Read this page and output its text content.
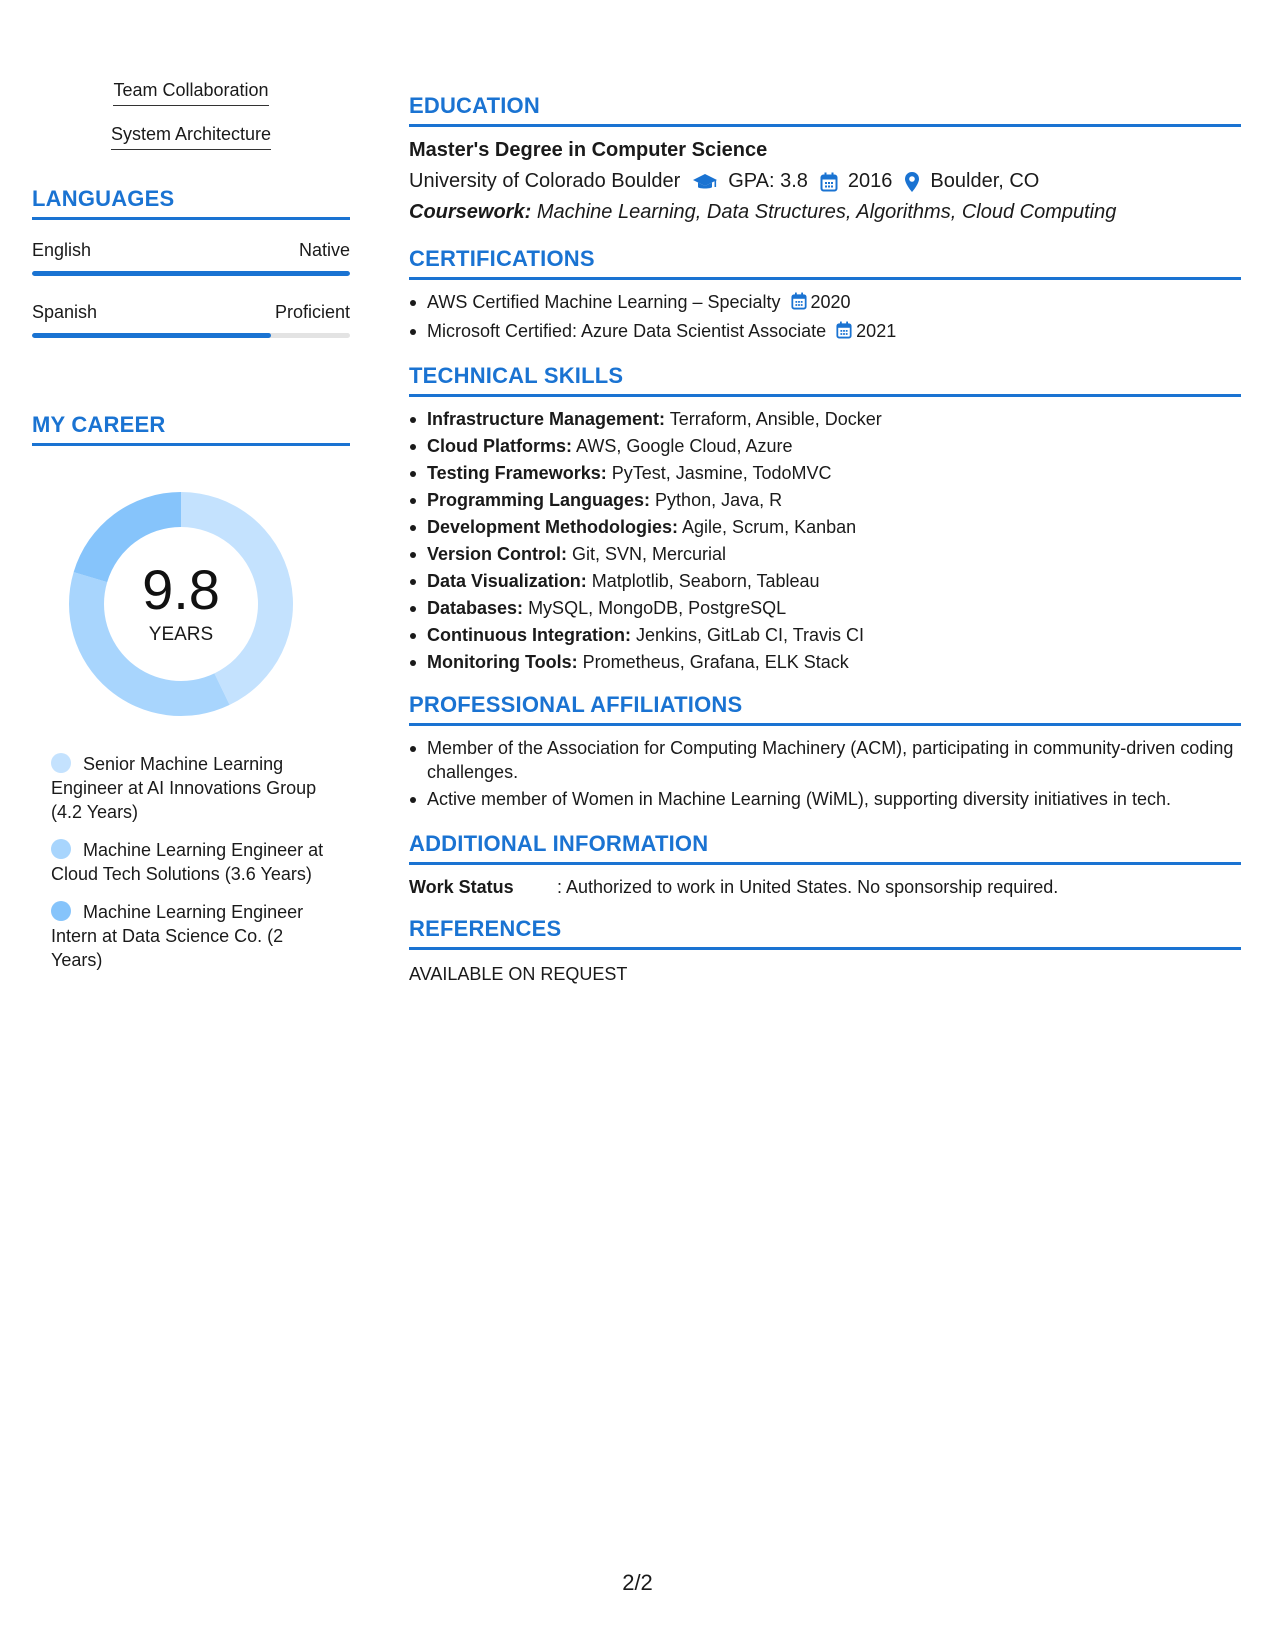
Team Collaboration
System Architecture
LANGUAGES
English	Native
Spanish	Proficient
MY CAREER
9.8
YEARS
Senior Machine Learning Engineer at AI Innovations Group (4.2 Years)
Machine Learning Engineer at Cloud Tech Solutions (3.6 Years)
Machine Learning Engineer Intern at Data Science Co. (2 Years)
EDUCATION
Master's Degree in Computer Science
University of Colorado Boulder GPA: 3.8 2016 Boulder, CO
Coursework: Machine Learning, Data Structures, Algorithms, Cloud Computing
CERTIFICATIONS
AWS Certified Machine Learning – Specialty 2020
Microsoft Certified: Azure Data Scientist Associate 2021
TECHNICAL SKILLS
Infrastructure Management: Terraform, Ansible, Docker
Cloud Platforms: AWS, Google Cloud, Azure
Testing Frameworks: PyTest, Jasmine, TodoMVC
Programming Languages: Python, Java, R
Development Methodologies: Agile, Scrum, Kanban
Version Control: Git, SVN, Mercurial
Data Visualization: Matplotlib, Seaborn, Tableau
Databases: MySQL, MongoDB, PostgreSQL
Continuous Integration: Jenkins, GitLab CI, Travis CI
Monitoring Tools: Prometheus, Grafana, ELK Stack
PROFESSIONAL AFFILIATIONS
Member of the Association for Computing Machinery (ACM), participating in community-driven coding challenges.
Active member of Women in Machine Learning (WiML), supporting diversity initiatives in tech.
ADDITIONAL INFORMATION
Work Status	: Authorized to work in United States. No sponsorship required.
REFERENCES
AVAILABLE ON REQUEST
2/2
